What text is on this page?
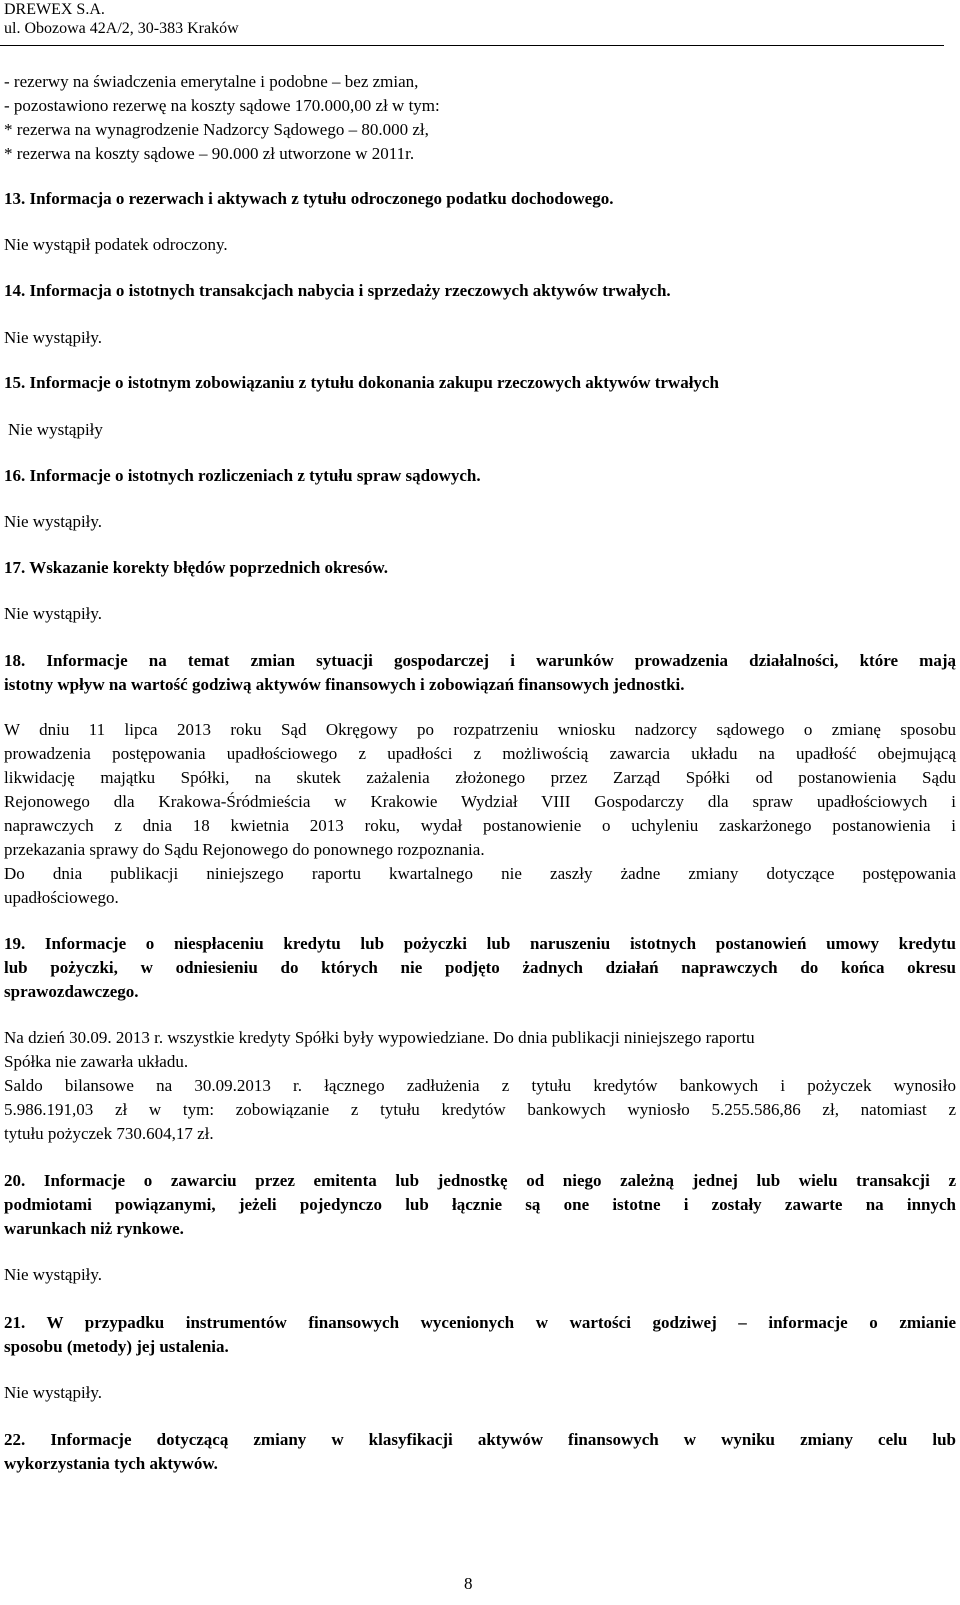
DREWEX S.A.
ul. Obozowa 42A/2, 30-383 Kraków
- rezerwy na świadczenia emerytalne i podobne – bez zmian,
- pozostawiono rezerwę na koszty sądowe 170.000,00 zł w tym:
* rezerwa na wynagrodzenie Nadzorcy Sądowego – 80.000 zł,
* rezerwa na koszty sądowe – 90.000 zł utworzone w 2011r.
13. Informacja o rezerwach i aktywach z tytułu odroczonego podatku dochodowego.
Nie wystąpił podatek odroczony.
14. Informacja o istotnych transakcjach nabycia i sprzedaży rzeczowych aktywów trwałych.
Nie wystąpiły.
15. Informacje o istotnym zobowiązaniu z tytułu dokonania zakupu rzeczowych aktywów trwałych
Nie wystąpiły
16. Informacje o istotnych rozliczeniach z tytułu spraw sądowych.
Nie wystąpiły.
17. Wskazanie korekty błędów poprzednich okresów.
Nie wystąpiły.
18. Informacje na temat zmian sytuacji gospodarczej i warunków prowadzenia działalności, które mają
istotny wpływ na wartość godziwą aktywów finansowych i zobowiązań finansowych jednostki.
W dniu 11 lipca 2013 roku Sąd Okręgowy po rozpatrzeniu wniosku nadzorcy sądowego o zmianę sposobu
prowadzenia postępowania upadłościowego z upadłości z możliwością zawarcia układu na upadłość obejmującą
likwidację majątku Spółki, na skutek zażalenia złożonego przez Zarząd Spółki od postanowienia Sądu
Rejonowego dla Krakowa-Śródmieścia w Krakowie Wydział VIII Gospodarczy dla spraw upadłościowych i
naprawczych z dnia 18 kwietnia 2013 roku, wydał postanowienie o uchyleniu zaskarżonego postanowienia i
przekazania sprawy do Sądu Rejonowego do ponownego rozpoznania.
Do dnia publikacji niniejszego raportu kwartalnego nie zaszły żadne zmiany dotyczące postępowania
upadłościowego.
19. Informacje o niespłaceniu kredytu lub pożyczki lub naruszeniu istotnych postanowień umowy kredytu
lub pożyczki, w odniesieniu do których nie podjęto żadnych działań naprawczych do końca okresu
sprawozdawczego.
Na dzień 30.09. 2013 r. wszystkie kredyty Spółki były wypowiedziane. Do dnia publikacji niniejszego raportu
Spółka nie zawarła układu.
Saldo bilansowe na 30.09.2013 r. łącznego zadłużenia z tytułu kredytów bankowych i pożyczek wynosiło
5.986.191,03 zł w tym: zobowiązanie z tytułu kredytów bankowych wyniosło 5.255.586,86 zł, natomiast z
tytułu pożyczek 730.604,17 zł.
20. Informacje o zawarciu przez emitenta lub jednostkę od niego zależną jednej lub wielu transakcji z
podmiotami powiązanymi, jeżeli pojedynczo lub łącznie są one istotne i zostały zawarte na innych
warunkach niż rynkowe.
Nie wystąpiły.
21. W przypadku instrumentów finansowych wycenionych w wartości godziwej – informacje o zmianie
sposobu (metody) jej ustalenia.
Nie wystąpiły.
22. Informacje dotyczącą zmiany w klasyfikacji aktywów finansowych w wyniku zmiany celu lub
wykorzystania tych aktywów.
8
